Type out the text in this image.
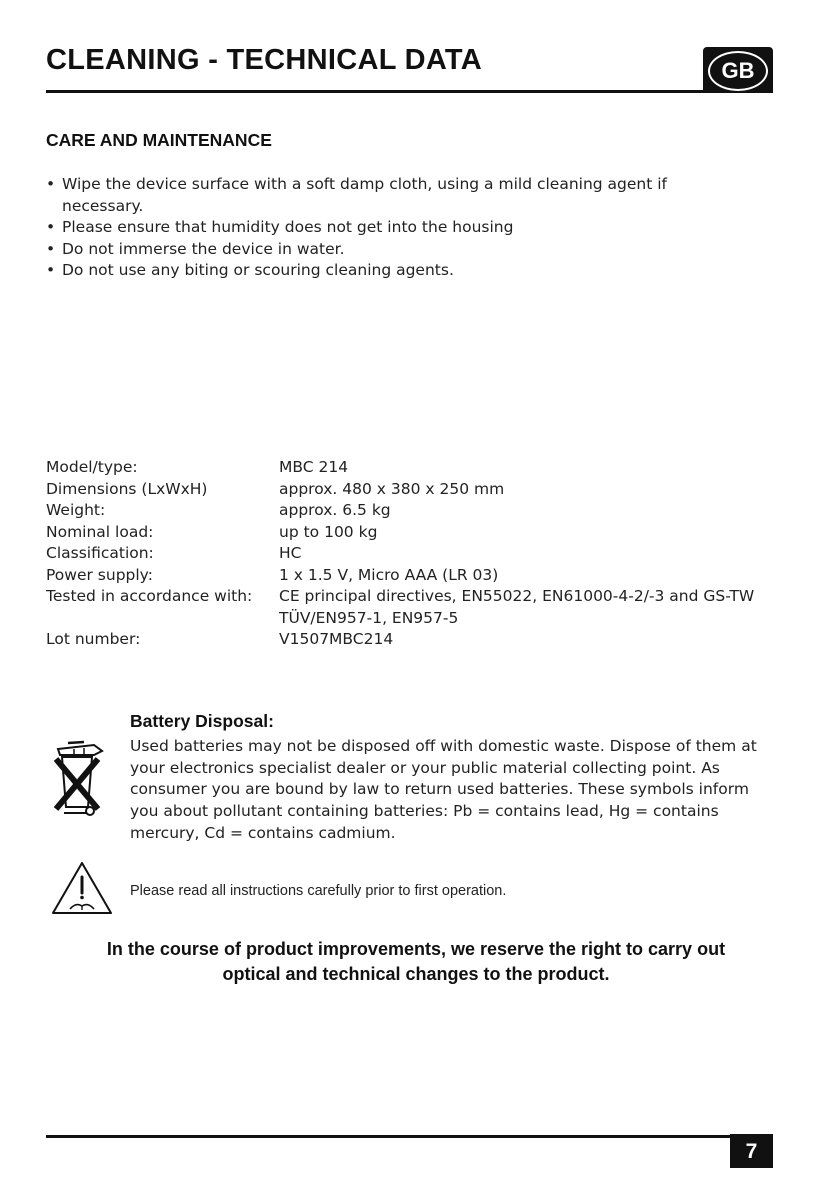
CLEANING - TECHNICAL DATA	GB
CARE AND MAINTENANCE
• Wipe the device surface with a soft damp cloth, using a mild cleaning agent if necessary.
• Please ensure that humidity does not get into the housing
• Do not immerse the device in water.
• Do not use any biting or scouring cleaning agents.
Model/type:	MBC 214
Dimensions (LxWxH)	approx. 480 x 380 x 250 mm
Weight:	approx. 6.5 kg
Nominal load:	up to 100 kg
Classification:	HC
Power supply:	1 x 1.5 V, Micro AAA (LR 03)
Tested in accordance with:	CE principal directives, EN55022, EN61000-4-2/-3 and GS-TW
TÜV/EN957-1, EN957-5

Lot number:	V1507MBC214
Battery Disposal:

Used batteries may not be disposed off with domestic waste. Dispose of them at your electronics specialist dealer or your public material collecting point. As consumer you are bound by law to return used batteries. These symbols inform you about pollutant containing batteries: Pb = contains lead, Hg = contains mercury, Cd = contains cadmium.

Please read all instructions carefully prior to first operation.

In the course of product improvements, we reserve the right to carry out
optical and technical changes to the product.
7
